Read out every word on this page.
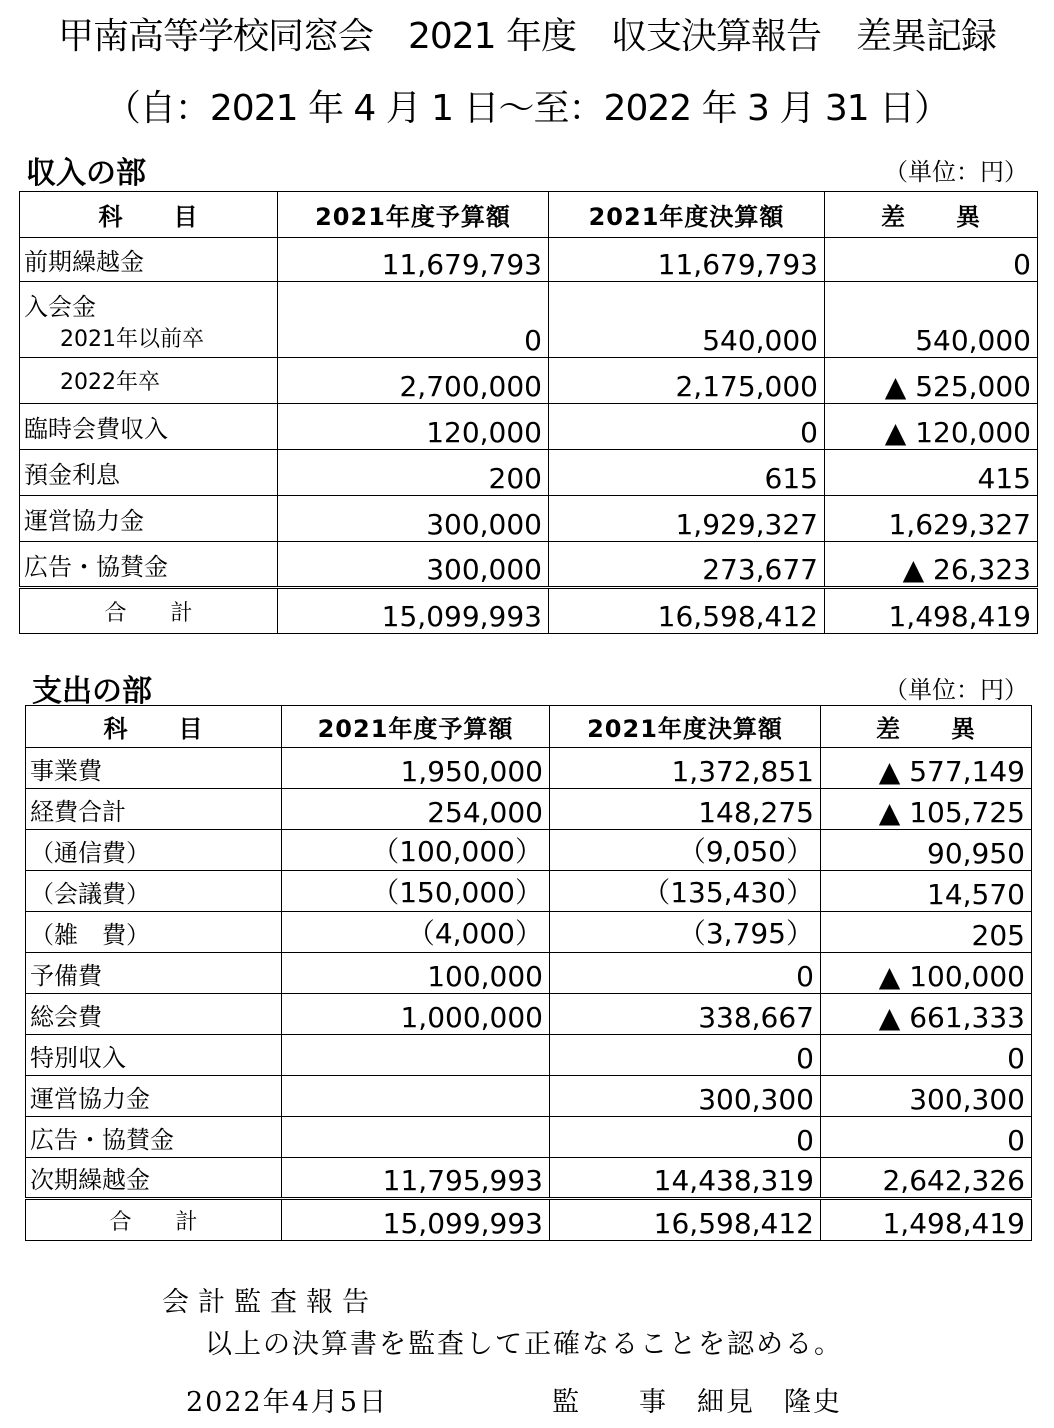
甲南高等学校同窓会　2021 年度　収支決算報告　差異記録
（自：2021 年 4 月 1 日～至：2022 年 3 月 31 日）
収入の部	（単位：円）
科　　目	2021年度予算額	2021年度決算額	差　　異
前期繰越金	11,679,793	11,679,793	0
入会金
2021年以前卒	0	540,000	540,000

2022年卒	2,700,000	2,175,000	▲ 525,000
臨時会費収入	120,000	0	▲ 120,000
預金利息	200	615	415
運営協力金	300,000	1,929,327	1,629,327
広告・協賛金	300,000	273,677	▲ 26,323
合　　計	15,099,993	16,598,412	1,498,419
支出の部	（単位：円）
科　　目	2021年度予算額	2021年度決算額	差　　異
事業費	1,950,000	1,372,851	▲ 577,149
経費合計	254,000	148,275	▲ 105,725
（通信費）	（100,000）	（9,050）	90,950
（会議費）	（150,000）	（135,430）	14,570
（雑　費）	（4,000）	（3,795）	205
予備費	100,000	0	▲ 100,000
総会費	1,000,000	338,667	▲ 661,333
特別収入		0	0
運営協力金		300,300	300,300
広告・協賛金		0	0
次期繰越金	11,795,993	14,438,319	2,642,326
合　　計	15,099,993	16,598,412	1,498,419
会計監査報告
以上の決算書を監査して正確なることを認める。
2022年4月5日	監　　事　細見　隆史
